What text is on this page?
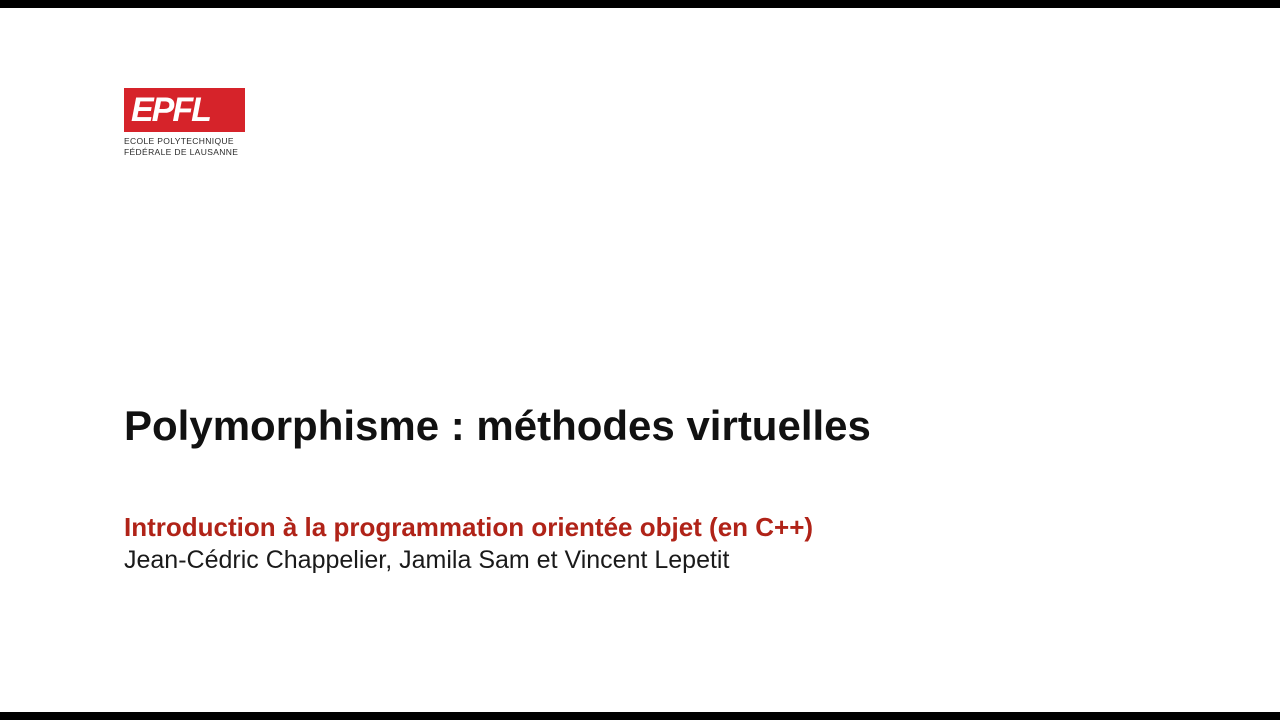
EPFL
ECOLE POLYTECHNIQUE
FÉDÉRALE DE LAUSANNE
Polymorphisme : méthodes virtuelles
Introduction à la programmation orientée objet (en C++)
Jean-Cédric Chappelier, Jamila Sam et Vincent Lepetit
